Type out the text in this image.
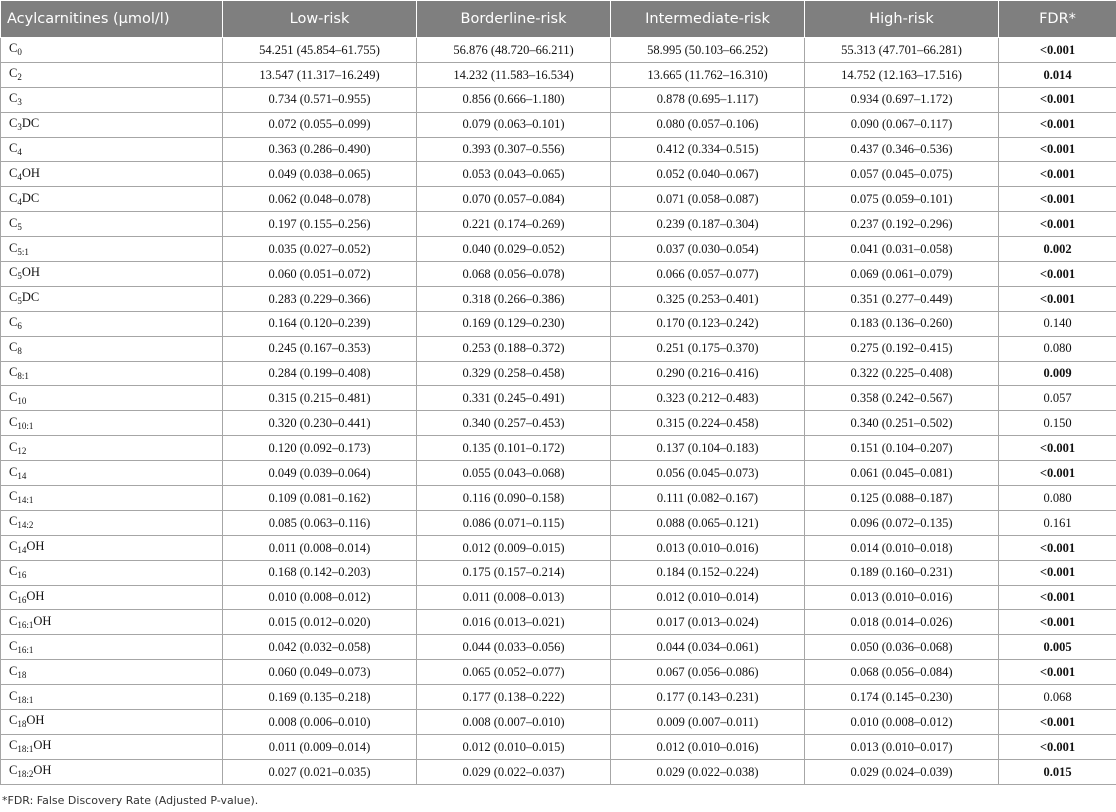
Acylcarnitines (µmol/l)	Low-risk	Borderline-risk	Intermediate-risk	High-risk	FDR*
$C_0$	54.251 (45.854–61.755)	56.876 (48.720–66.211)	58.995 (50.103–66.252)	55.313 (47.701–66.281)	<0.001
$C_2$	13.547 (11.317–16.249)	14.232 (11.583–16.534)	13.665 (11.762–16.310)	14.752 (12.163–17.516)	0.014
$C_3$	0.734 (0.571–0.955)	0.856 (0.666–1.180)	0.878 (0.695–1.117)	0.934 (0.697–1.172)	<0.001
$C_3DC$	0.072 (0.055–0.099)	0.079 (0.063–0.101)	0.080 (0.057–0.106)	0.090 (0.067–0.117)	<0.001
$C_4$	0.363 (0.286–0.490)	0.393 (0.307–0.556)	0.412 (0.334–0.515)	0.437 (0.346–0.536)	<0.001
$C_4OH$	0.049 (0.038–0.065)	0.053 (0.043–0.065)	0.052 (0.040–0.067)	0.057 (0.045–0.075)	<0.001
$C_4DC$	0.062 (0.048–0.078)	0.070 (0.057–0.084)	0.071 (0.058–0.087)	0.075 (0.059–0.101)	<0.001
$C_5$	0.197 (0.155–0.256)	0.221 (0.174–0.269)	0.239 (0.187–0.304)	0.237 (0.192–0.296)	<0.001
$C_{5:1}$	0.035 (0.027–0.052)	0.040 (0.029–0.052)	0.037 (0.030–0.054)	0.041 (0.031–0.058)	0.002
$C_5OH$	0.060 (0.051–0.072)	0.068 (0.056–0.078)	0.066 (0.057–0.077)	0.069 (0.061–0.079)	<0.001
$C_5DC$	0.283 (0.229–0.366)	0.318 (0.266–0.386)	0.325 (0.253–0.401)	0.351 (0.277–0.449)	<0.001
$C_6$	0.164 (0.120–0.239)	0.169 (0.129–0.230)	0.170 (0.123–0.242)	0.183 (0.136–0.260)	0.140
$C_8$	0.245 (0.167–0.353)	0.253 (0.188–0.372)	0.251 (0.175–0.370)	0.275 (0.192–0.415)	0.080
$C_{8:1}$	0.284 (0.199–0.408)	0.329 (0.258–0.458)	0.290 (0.216–0.416)	0.322 (0.225–0.408)	0.009
$C_{10}$	0.315 (0.215–0.481)	0.331 (0.245–0.491)	0.323 (0.212–0.483)	0.358 (0.242–0.567)	0.057
$C_{10:1}$	0.320 (0.230–0.441)	0.340 (0.257–0.453)	0.315 (0.224–0.458)	0.340 (0.251–0.502)	0.150
$C_{12}$	0.120 (0.092–0.173)	0.135 (0.101–0.172)	0.137 (0.104–0.183)	0.151 (0.104–0.207)	<0.001
$C_{14}$	0.049 (0.039–0.064)	0.055 (0.043–0.068)	0.056 (0.045–0.073)	0.061 (0.045–0.081)	<0.001
$C_{14:1}$	0.109 (0.081–0.162)	0.116 (0.090–0.158)	0.111 (0.082–0.167)	0.125 (0.088–0.187)	0.080
$C_{14:2}$	0.085 (0.063–0.116)	0.086 (0.071–0.115)	0.088 (0.065–0.121)	0.096 (0.072–0.135)	0.161
$C_{14}OH$	0.011 (0.008–0.014)	0.012 (0.009–0.015)	0.013 (0.010–0.016)	0.014 (0.010–0.018)	<0.001
$C_{16}$	0.168 (0.142–0.203)	0.175 (0.157–0.214)	0.184 (0.152–0.224)	0.189 (0.160–0.231)	<0.001
$C_{16}OH$	0.010 (0.008–0.012)	0.011 (0.008–0.013)	0.012 (0.010–0.014)	0.013 (0.010–0.016)	<0.001
$C_{16:1}OH$	0.015 (0.012–0.020)	0.016 (0.013–0.021)	0.017 (0.013–0.024)	0.018 (0.014–0.026)	<0.001
$C_{16:1}$	0.042 (0.032–0.058)	0.044 (0.033–0.056)	0.044 (0.034–0.061)	0.050 (0.036–0.068)	0.005
$C_{18}$	0.060 (0.049–0.073)	0.065 (0.052–0.077)	0.067 (0.056–0.086)	0.068 (0.056–0.084)	<0.001
$C_{18:1}$	0.169 (0.135–0.218)	0.177 (0.138–0.222)	0.177 (0.143–0.231)	0.174 (0.145–0.230)	0.068
$C_{18}OH$	0.008 (0.006–0.010)	0.008 (0.007–0.010)	0.009 (0.007–0.011)	0.010 (0.008–0.012)	<0.001
$C_{18:1}OH$	0.011 (0.009–0.014)	0.012 (0.010–0.015)	0.012 (0.010–0.016)	0.013 (0.010–0.017)	<0.001
$C_{18:2}OH$	0.027 (0.021–0.035)	0.029 (0.022–0.037)	0.029 (0.022–0.038)	0.029 (0.024–0.039)	0.015
*FDR: False Discovery Rate (Adjusted P-value).
